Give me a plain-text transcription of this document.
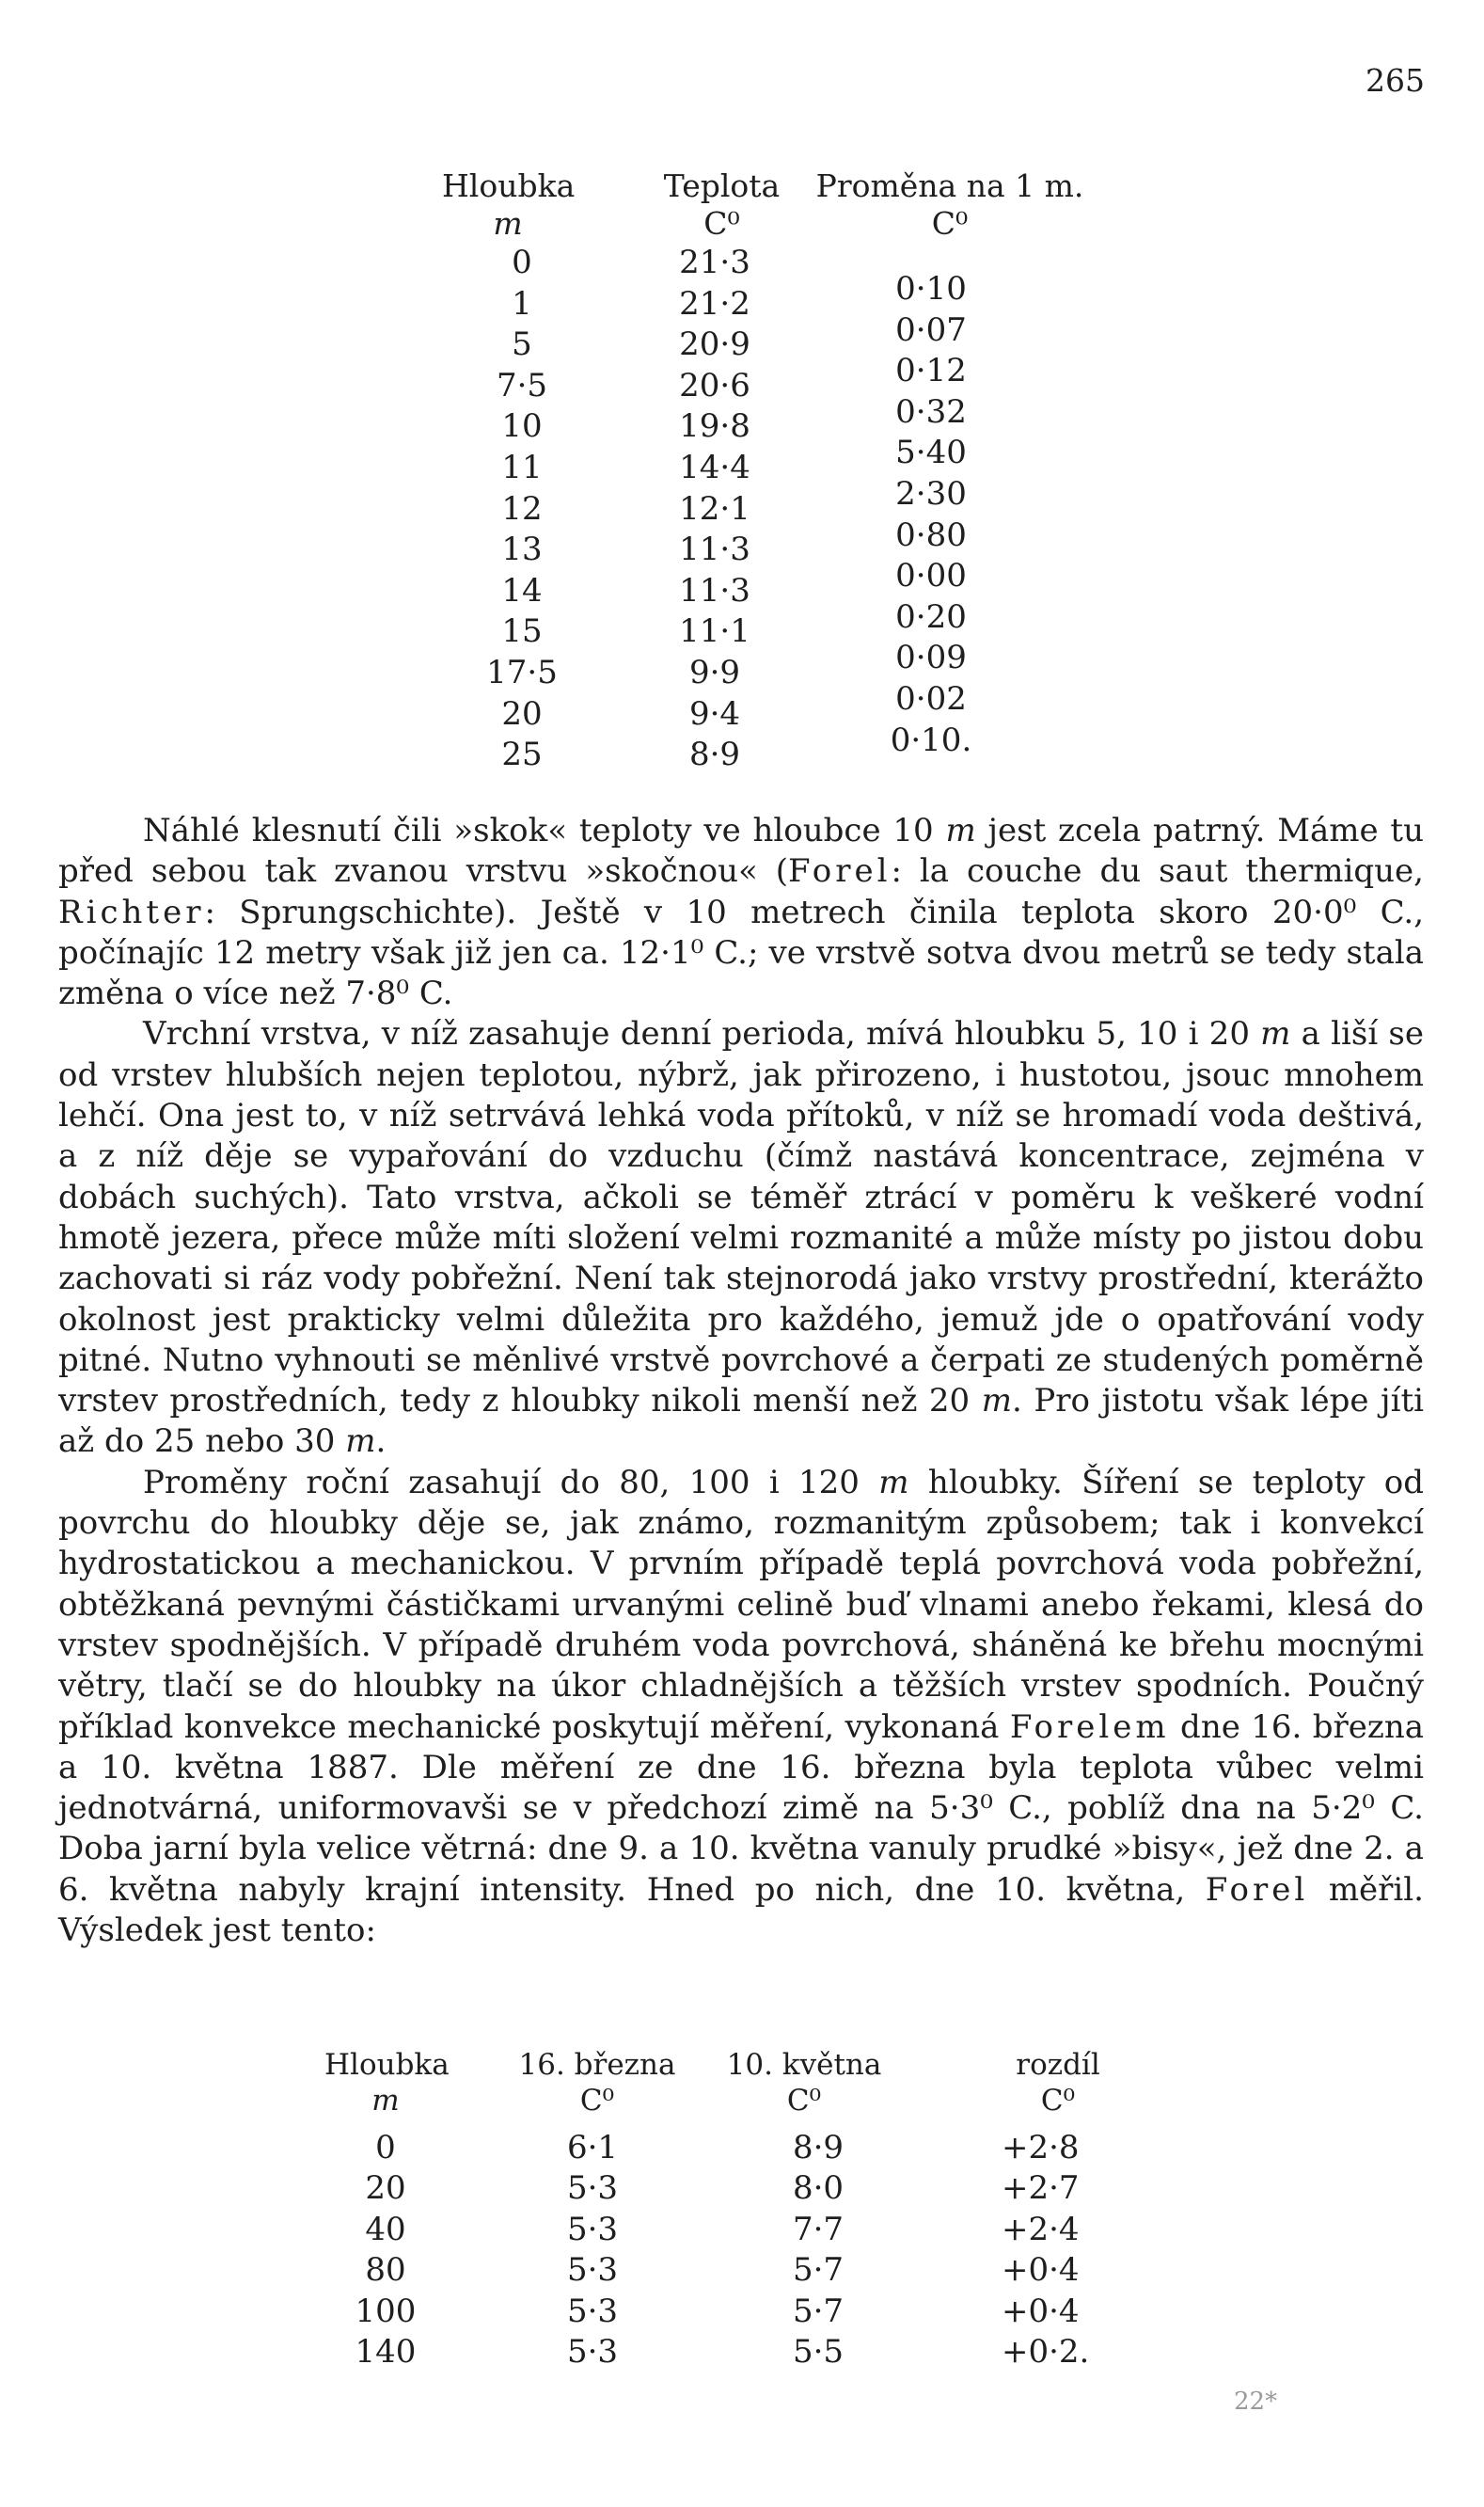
265
Hloubka
m
Teplota
C⁰
Proměna na 1 m.
C⁰
0
1
5
7·5
10
11
12
13
14
15
17·5
20
25
21·3
21·2
20·9
20·6
19·8
14·4
12·1
11·3
11·3
11·1
9·9
9·4
8·9
0·10
0·07
0·12
0·32
5·40
2·30
0·80
0·00
0·20
0·09
0·02
0·10.

Náhlé klesnutí čili »skok« teploty ve hloubce 10 m jest zcela patrný. Máme tu před sebou tak zvanou vrstvu »skočnou« (Forel: la couche du saut thermique, Richter: Sprungschichte). Ještě v 10 metrech činila teplota skoro 20·0⁰ C., počínajíc 12 metry však již jen ca. 12·1⁰ C.; ve vrstvě sotva dvou metrů se tedy stala změna o více než 7·8⁰ C.

Vrchní vrstva, v níž zasahuje denní perioda, mívá hloubku 5, 10 i 20 m a liší se od vrstev hlubších nejen teplotou, nýbrž, jak přirozeno, i hustotou, jsouc mnohem lehčí. Ona jest to, v níž setrvává lehká voda přítoků, v níž se hromadí voda deštivá, a z níž děje se vypařování do vzduchu (čímž nastává koncentrace, zejména v dobách suchých). Tato vrstva, ačkoli se téměř ztrácí v poměru k veškeré vodní hmotě jezera, přece může míti složení velmi rozmanité a může místy po jistou dobu zachovati si ráz vody pobřežní. Není tak stejnorodá jako vrstvy prostřední, kterážto okolnost jest prakticky velmi důležita pro každého, jemuž jde o opatřování vody pitné. Nutno vyhnouti se měnlivé vrstvě povrchové a čerpati ze studených poměrně vrstev prostředních, tedy z hloubky nikoli menší než 20 m. Pro jistotu však lépe jíti až do 25 nebo 30 m.

Proměny roční zasahují do 80, 100 i 120 m hloubky. Šíření se teploty od povrchu do hloubky děje se, jak známo, rozmanitým způsobem; tak i konvekcí hydrostatickou a mechanickou. V prvním případě teplá povrchová voda pobřežní, obtěžkaná pevnými částičkami urvanými celině buď vlnami anebo řekami, klesá do vrstev spodnějších. V případě druhém voda povrchová, sháněná ke břehu mocnými větry, tlačí se do hloubky na úkor chladnějších a těžších vrstev spodních. Poučný příklad konvekce mechanické poskytují měření, vykonaná Forelem dne 16. března a 10. května 1887. Dle měření ze dne 16. března byla teplota vůbec velmi jednotvárná, uniformovavši se v předchozí zimě na 5·3⁰ C., poblíž dna na 5·2⁰ C. Doba jarní byla velice větrná: dne 9. a 10. května vanuly prudké »bisy«, jež dne 2. a 6. května nabyly krajní intensity. Hned po nich, dne 10. května, Forel měřil. Výsledek jest tento:

Hloubka
m
16. března
C⁰
10. května
C⁰
rozdíl
C⁰
0
20
40
80
100
140
6·1
5·3
5·3
5·3
5·3
5·3
8·9
8·0
7·7
5·7
5·7
5·5
+2·8
+2·7
+2·4
+0·4
+0·4
+0·2.
22*
